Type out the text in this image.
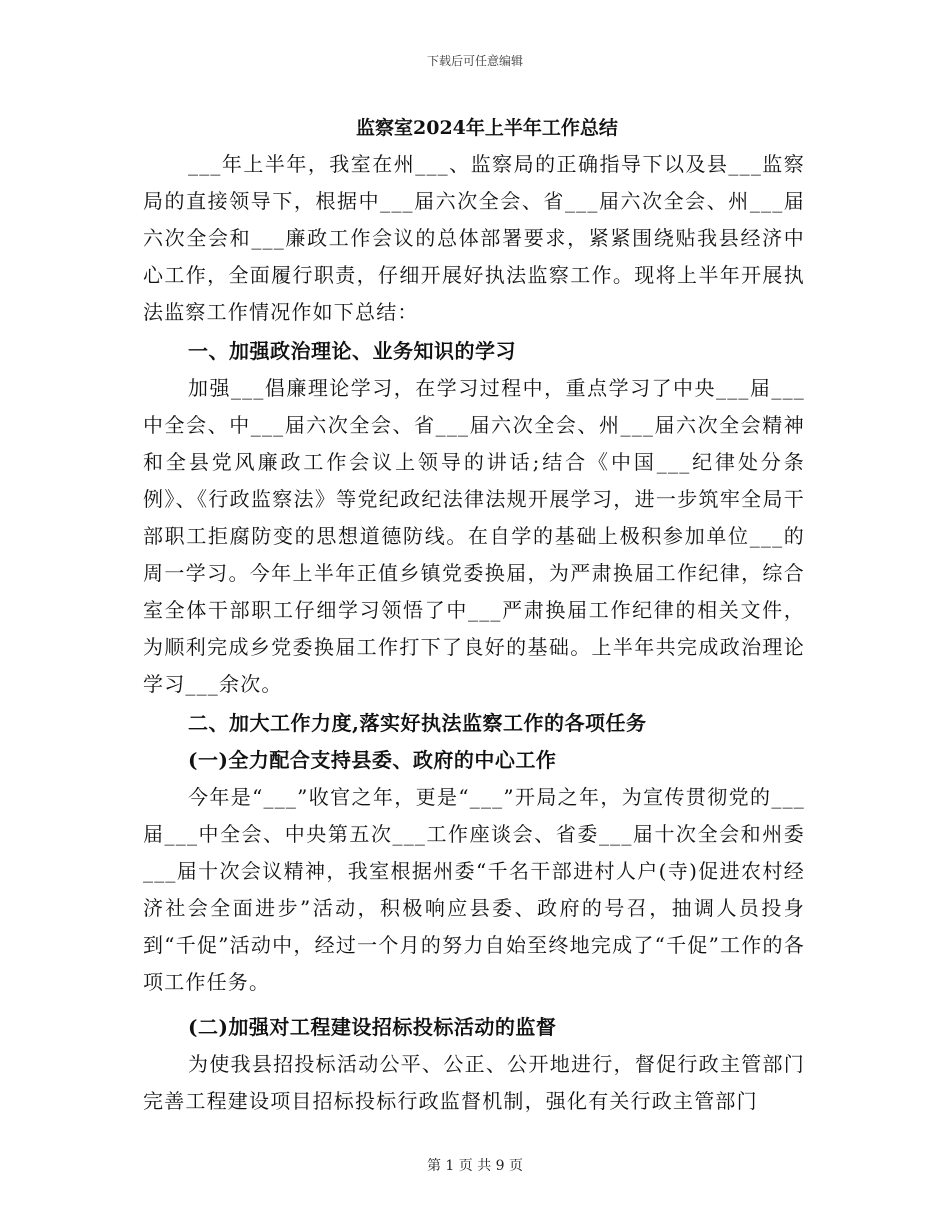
下载后可任意编辑
监察室2024年上半年工作总结

___年上半年，我室在州___、监察局的正确指导下以及县___监察局的直接领导下，根据中___届六次全会、省___届六次全会、州___届六次全会和___廉政工作会议的总体部署要求，紧紧围绕贴我县经济中心工作，全面履行职责，仔细开展好执法监察工作。现将上半年开展执法监察工作情况作如下总结：

一、加强政治理论、业务知识的学习

加强___倡廉理论学习，在学习过程中，重点学习了中央___届___中全会、中___届六次全会、省___届六次全会、州___届六次全会精神和全县党风廉政工作会议上领导的讲话;结合《中国___纪律处分条例》、《行政监察法》等党纪政纪法律法规开展学习，进一步筑牢全局干部职工拒腐防变的思想道德防线。在自学的基础上极积参加单位___的周一学习。今年上半年正值乡镇党委换届，为严肃换届工作纪律，综合室全体干部职工仔细学习领悟了中___严肃换届工作纪律的相关文件，为顺利完成乡党委换届工作打下了良好的基础。上半年共完成政治理论学习___余次。

二、加大工作力度,落实好执法监察工作的各项任务

(一)全力配合支持县委、政府的中心工作

今年是“___”收官之年，更是“___”开局之年，为宣传贯彻党的___届___中全会、中央第五次___工作座谈会、省委___届十次全会和州委___届十次会议精神，我室根据州委“千名干部进村人户(寺)促进农村经济社会全面进步”活动，积极响应县委、政府的号召，抽调人员投身到“千促”活动中，经过一个月的努力自始至终地完成了“千促”工作的各项工作任务。

(二)加强对工程建设招标投标活动的监督

为使我县招投标活动公平、公正、公开地进行，督促行政主管部门完善工程建设项目招标投标行政监督机制，强化有关行政主管部门

第 1 页 共 9 页
